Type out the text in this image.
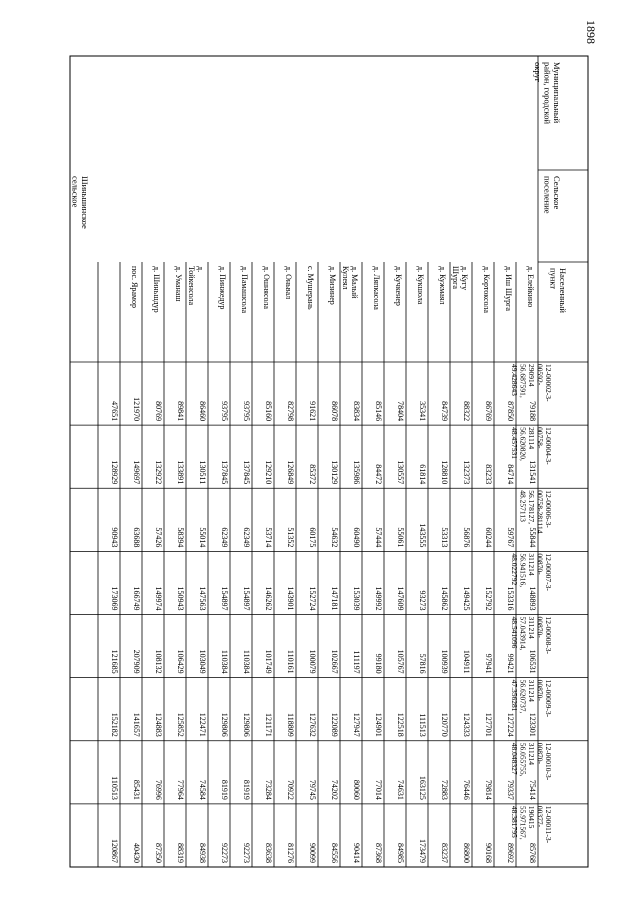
Муниципальный
район, городской
округ
Сельское
поселение
Населенный
пункт
12-00002-3-
00592-
290914
56.687591,
49.428643
12-00004-3-
00758-
281114
56.620820,
48.457531
12-00006-3-
00758-281114
56.178127,
48.257113
12-00007-3-
00870-
311214
56.941516,
48.022792
12-00008-3-
00870-
311214
57.043914,
48.541096
12-00009-3-
00870-
311214
56.620737,
47.356281
12-00010-3-
00870-
311214
56.055755,
48.048327
12-00011-3-
00377-
190415
55.971567,
48.381795
Шиньшинское
сельское
д. Елейкино
79188
131541
55844
148893
106531
123301
75414
85768
д. Иш Шурга
87850
84714
59767
153316
99421
127224
79337
89692
д. Кортоксола
86769
83233
60244
152792
97941
127701
79814
90168
д. Кугу
Шурга
88322
132373
56876
149425
104911
124333
76446
86800
д. Кужмаял
84739
128810
53313
145862
100939
120770
72883
83237
д. Кукшола
35341
61814
143555
93273
57816
111513
163125
173479
д. Кучкенер
78404
130557
55061
147609
105767
122518
74631
84985
д. Ляпкасола
85146
84472
57444
149992
99180
124901
77014
87368
д. Малый
Кулеял
83834
135986
60490
153039
111197
127947
80060
90414
д. Мизинер
86078
130129
54632
147181
102667
122089
74202
84556
с. Мушерань
91621
85372
60175
152724
100079
127632
79745
90099
д. Оньвал
82798
126849
51352
143901
110161
118809
70922
81276
д. Ошнясола
85160
129210
53714
146262
101749
121171
73284
83638
д. Памашсола
93795
137845
62349
154897
110384
129806
81919
92273
д. Пинжедур
93795
137845
62349
154897
110384
129806
81919
92273
д.
Тойкенсола
86460
130511
55014
147563
103049
122471
74584
84938
д. Уманаш
89841
133891
58394
150943
106429
125852
77964
88319
д. Шиньшдур
80769
132922
57426
149974
108132
124883
76996
87350
пос. Ярамор
121970
149697
63688
166749
207909
141657
85431
40430
47651
128929
90943
173069
121685
152182
110513
120867
1898
